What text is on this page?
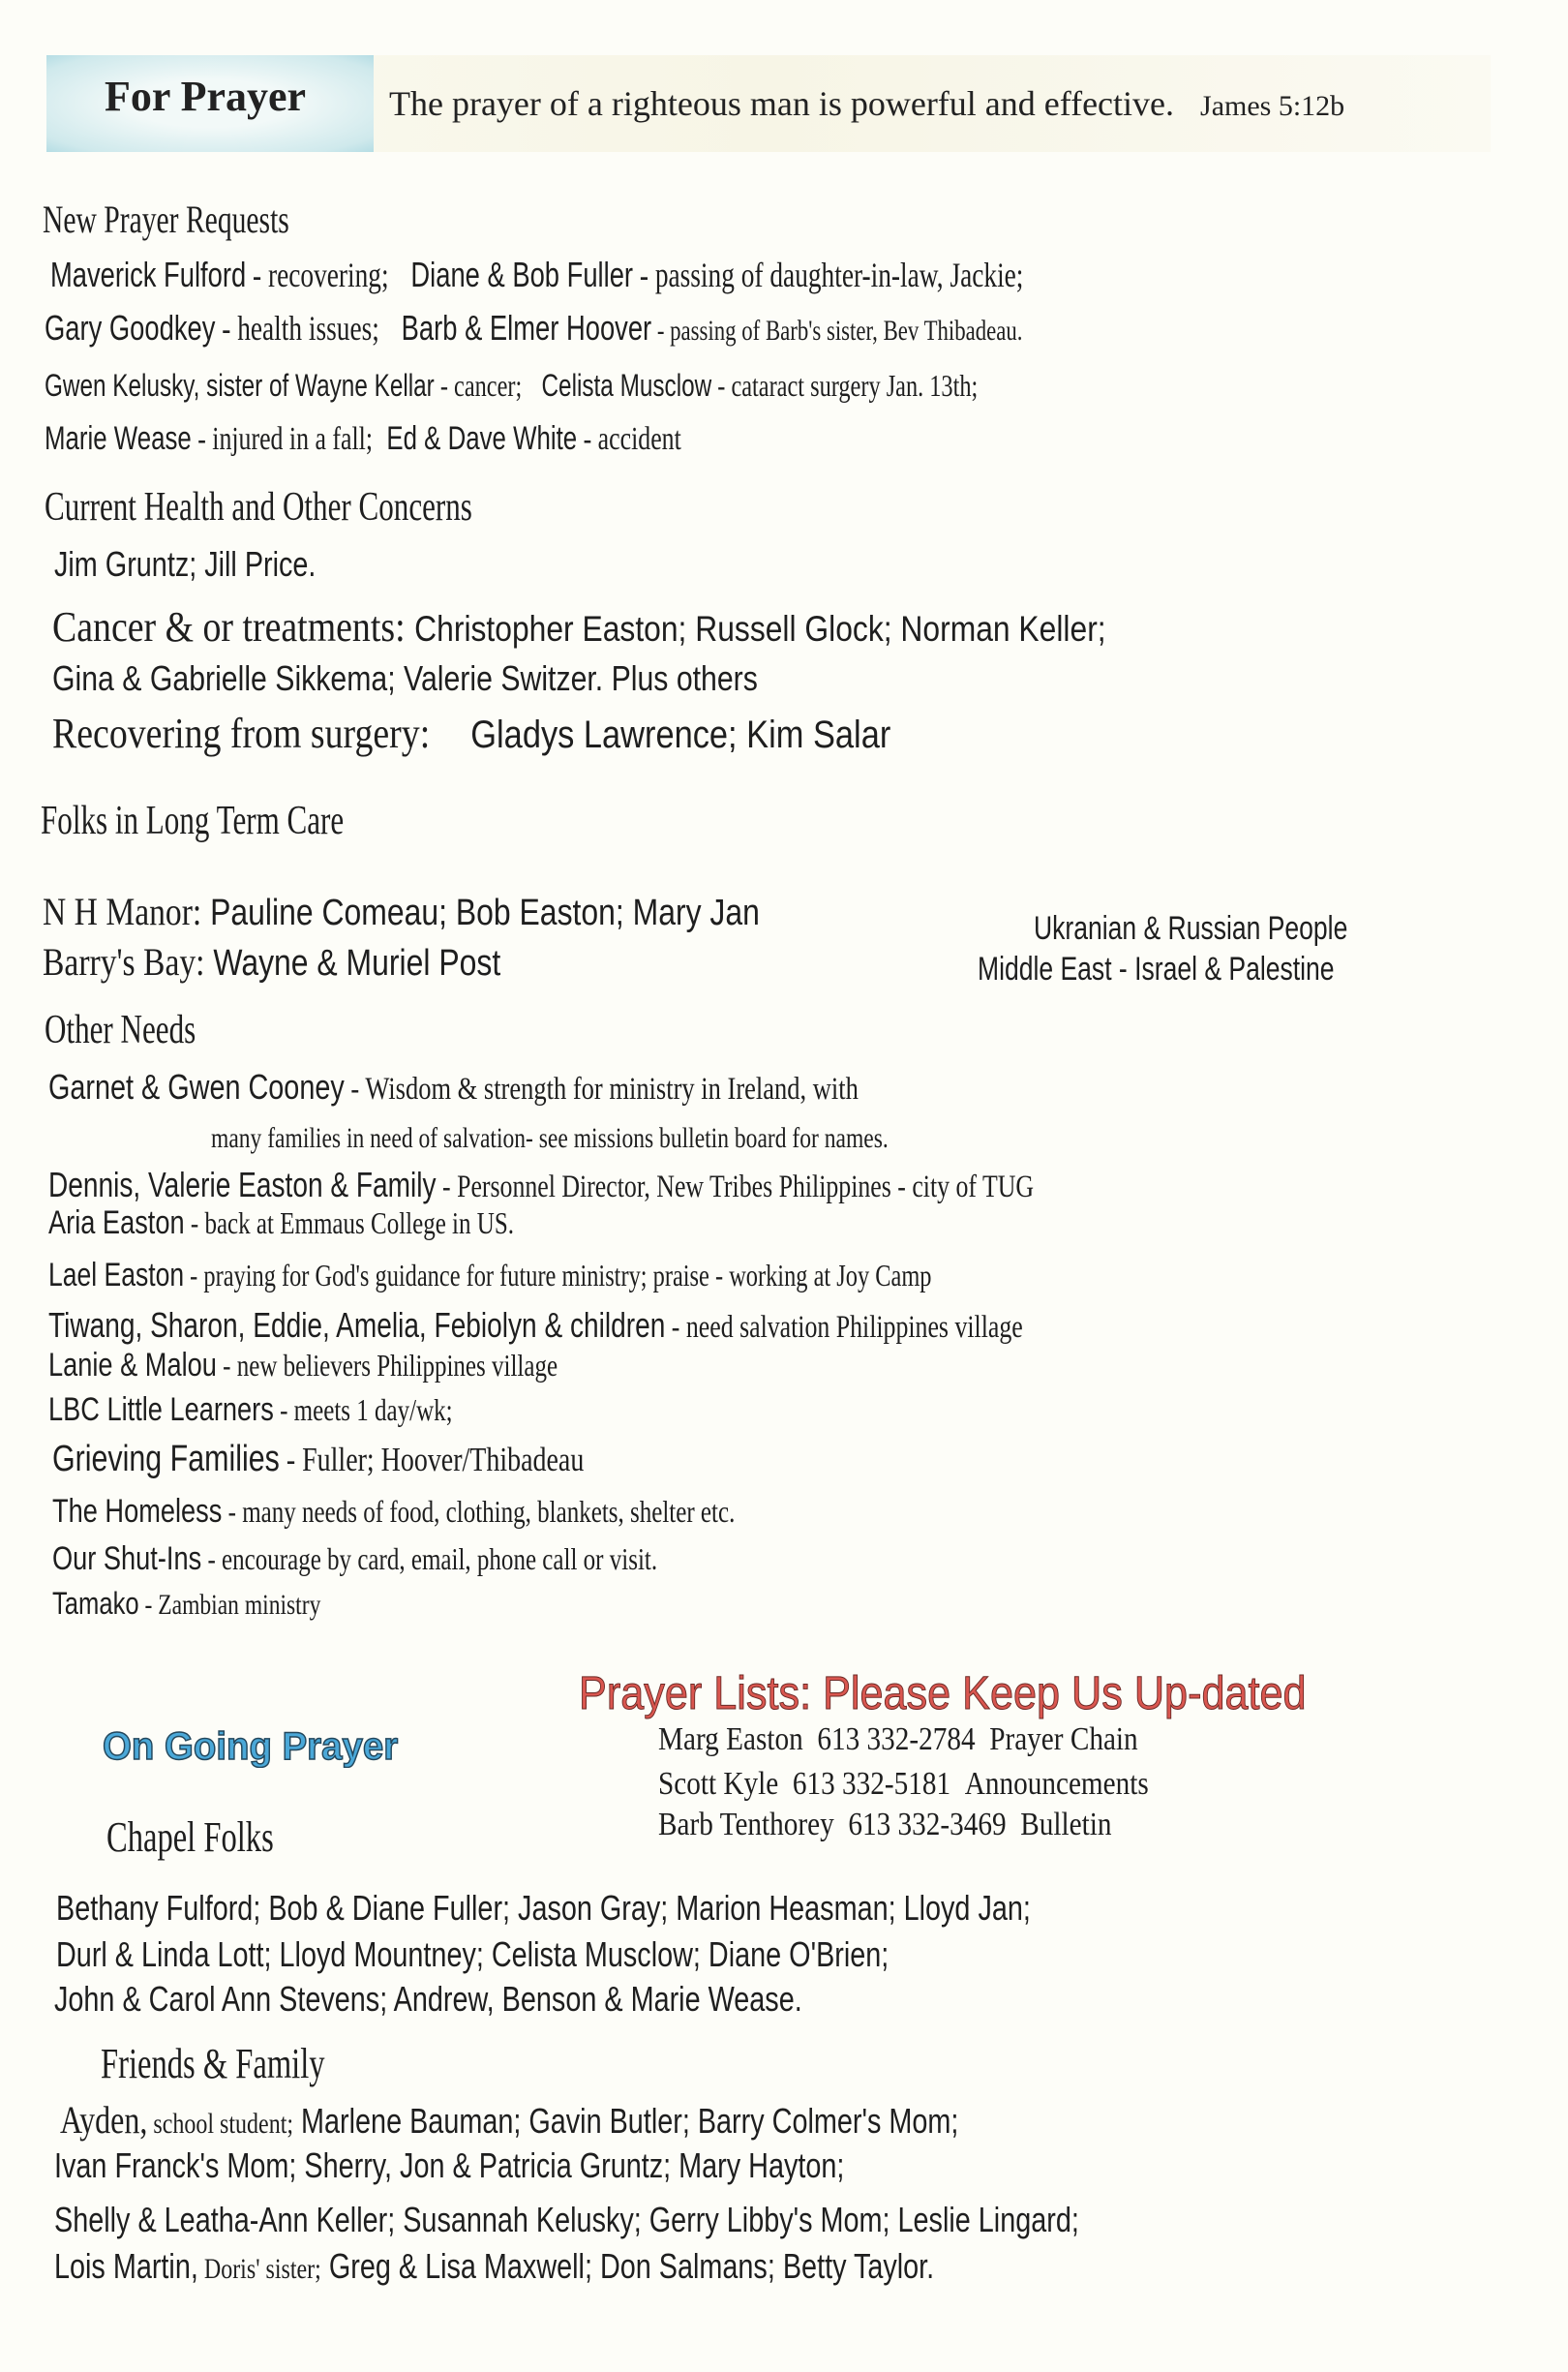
For Prayer The prayer of a righteous man is powerful and effective. James 5:12b
New Prayer Requests
Maverick Fulford - recovering; Diane & Bob Fuller - passing of daughter-in-law, Jackie;
Gary Goodkey - health issues; Barb & Elmer Hoover - passing of Barb's sister, Bev Thibadeau.
Gwen Kelusky, sister of Wayne Kellar - cancer; Celista Musclow - cataract surgery Jan. 13th;
Marie Wease - injured in a fall; Ed & Dave White - accident
Current Health and Other Concerns
Jim Gruntz; Jill Price.
Cancer & or treatments: Christopher Easton; Russell Glock; Norman Keller;
Gina & Gabrielle Sikkema; Valerie Switzer. Plus others
Recovering from surgery: Gladys Lawrence; Kim Salar
Folks in Long Term Care
N H Manor: Pauline Comeau; Bob Easton; Mary Jan
Barry's Bay: Wayne & Muriel Post
Ukranian & Russian People
Middle East - Israel & Palestine
Other Needs
Garnet & Gwen Cooney - Wisdom & strength for ministry in Ireland, with
many families in need of salvation- see missions bulletin board for names.
Dennis, Valerie Easton & Family - Personnel Director, New Tribes Philippines - city of TUG
Aria Easton - back at Emmaus College in US.
Lael Easton - praying for God's guidance for future ministry; praise - working at Joy Camp
Tiwang, Sharon, Eddie, Amelia, Febiolyn & children - need salvation Philippines village
Lanie & Malou - new believers Philippines village
LBC Little Learners - meets 1 day/wk;
Grieving Families - Fuller; Hoover/Thibadeau
The Homeless - many needs of food, clothing, blankets, shelter etc.
Our Shut-Ins - encourage by card, email, phone call or visit.
Tamako - Zambian ministry
Prayer Lists: Please Keep Us Up-dated
On Going Prayer	Marg Easton 613 332-2784 Prayer Chain
Scott Kyle 613 332-5181 Announcements
Barb Tenthorey 613 332-3469 Bulletin
Chapel Folks
Bethany Fulford; Bob & Diane Fuller; Jason Gray; Marion Heasman; Lloyd Jan;
Durl & Linda Lott; Lloyd Mountney; Celista Musclow; Diane O'Brien;
John & Carol Ann Stevens; Andrew, Benson & Marie Wease.
Friends & Family
Ayden, school student; Marlene Bauman; Gavin Butler; Barry Colmer's Mom;
Ivan Franck's Mom; Sherry, Jon & Patricia Gruntz; Mary Hayton;
Shelly & Leatha-Ann Keller; Susannah Kelusky; Gerry Libby's Mom; Leslie Lingard;
Lois Martin, Doris' sister; Greg & Lisa Maxwell; Don Salmans; Betty Taylor.
